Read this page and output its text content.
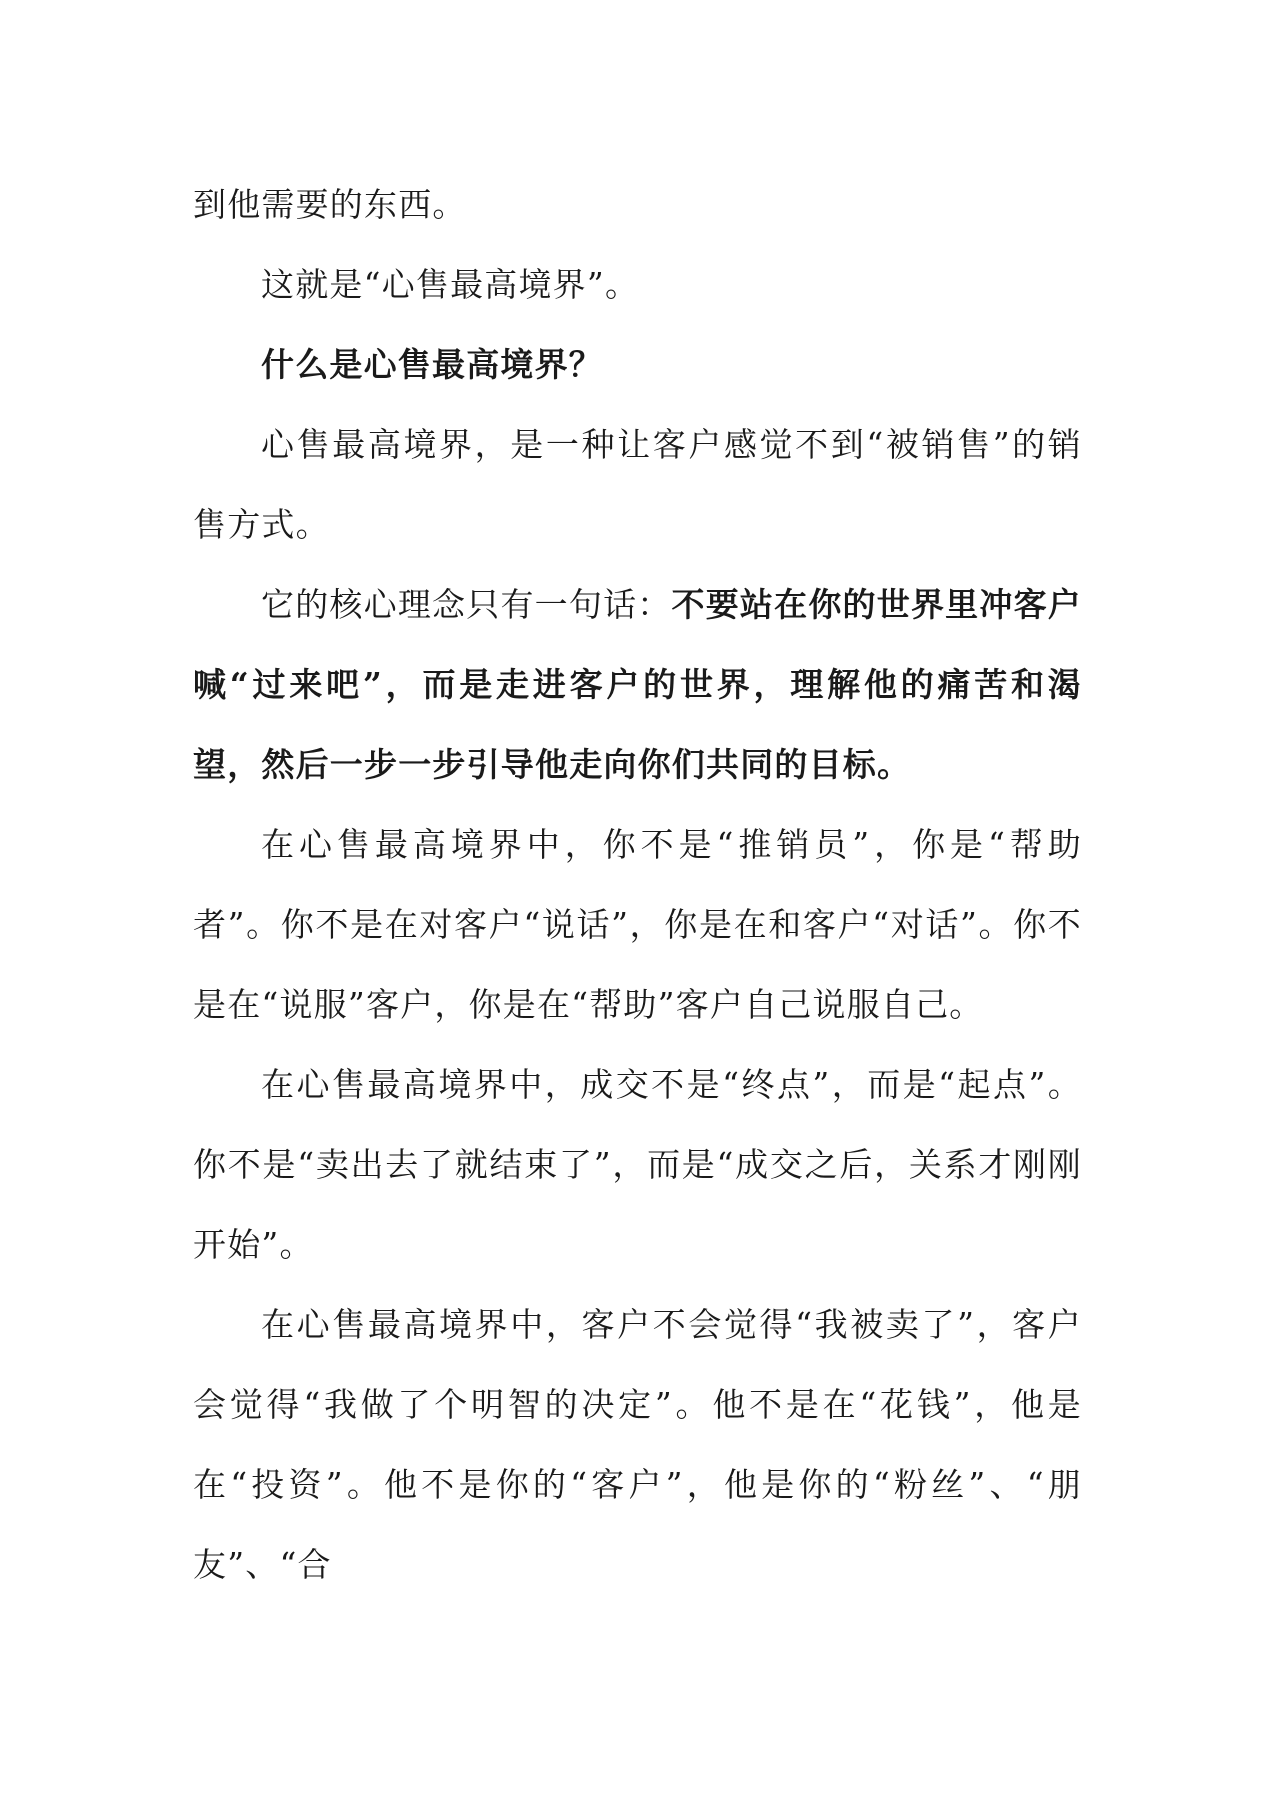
到他需要的东西。

这就是“心售最高境界”。

什么是心售最高境界？

心售最高境界，是一种让客户感觉不到“被销售”的销售方式。

它的核心理念只有一句话：不要站在你的世界里冲客户喊“过来吧”，而是走进客户的世界，理解他的痛苦和渴望，然后一步一步引导他走向你们共同的目标。

在心售最高境界中，你不是“推销员”，你是“帮助者”。你不是在对客户“说话”，你是在和客户“对话”。你不是在“说服”客户，你是在“帮助”客户自己说服自己。

在心售最高境界中，成交不是“终点”，而是“起点”。你不是“卖出去了就结束了”，而是“成交之后，关系才刚刚开始”。

在心售最高境界中，客户不会觉得“我被卖了”，客户会觉得“我做了个明智的决定”。他不是在“花钱”，他是在“投资”。他不是你的“客户”，他是你的“粉丝”、“朋友”、“合
